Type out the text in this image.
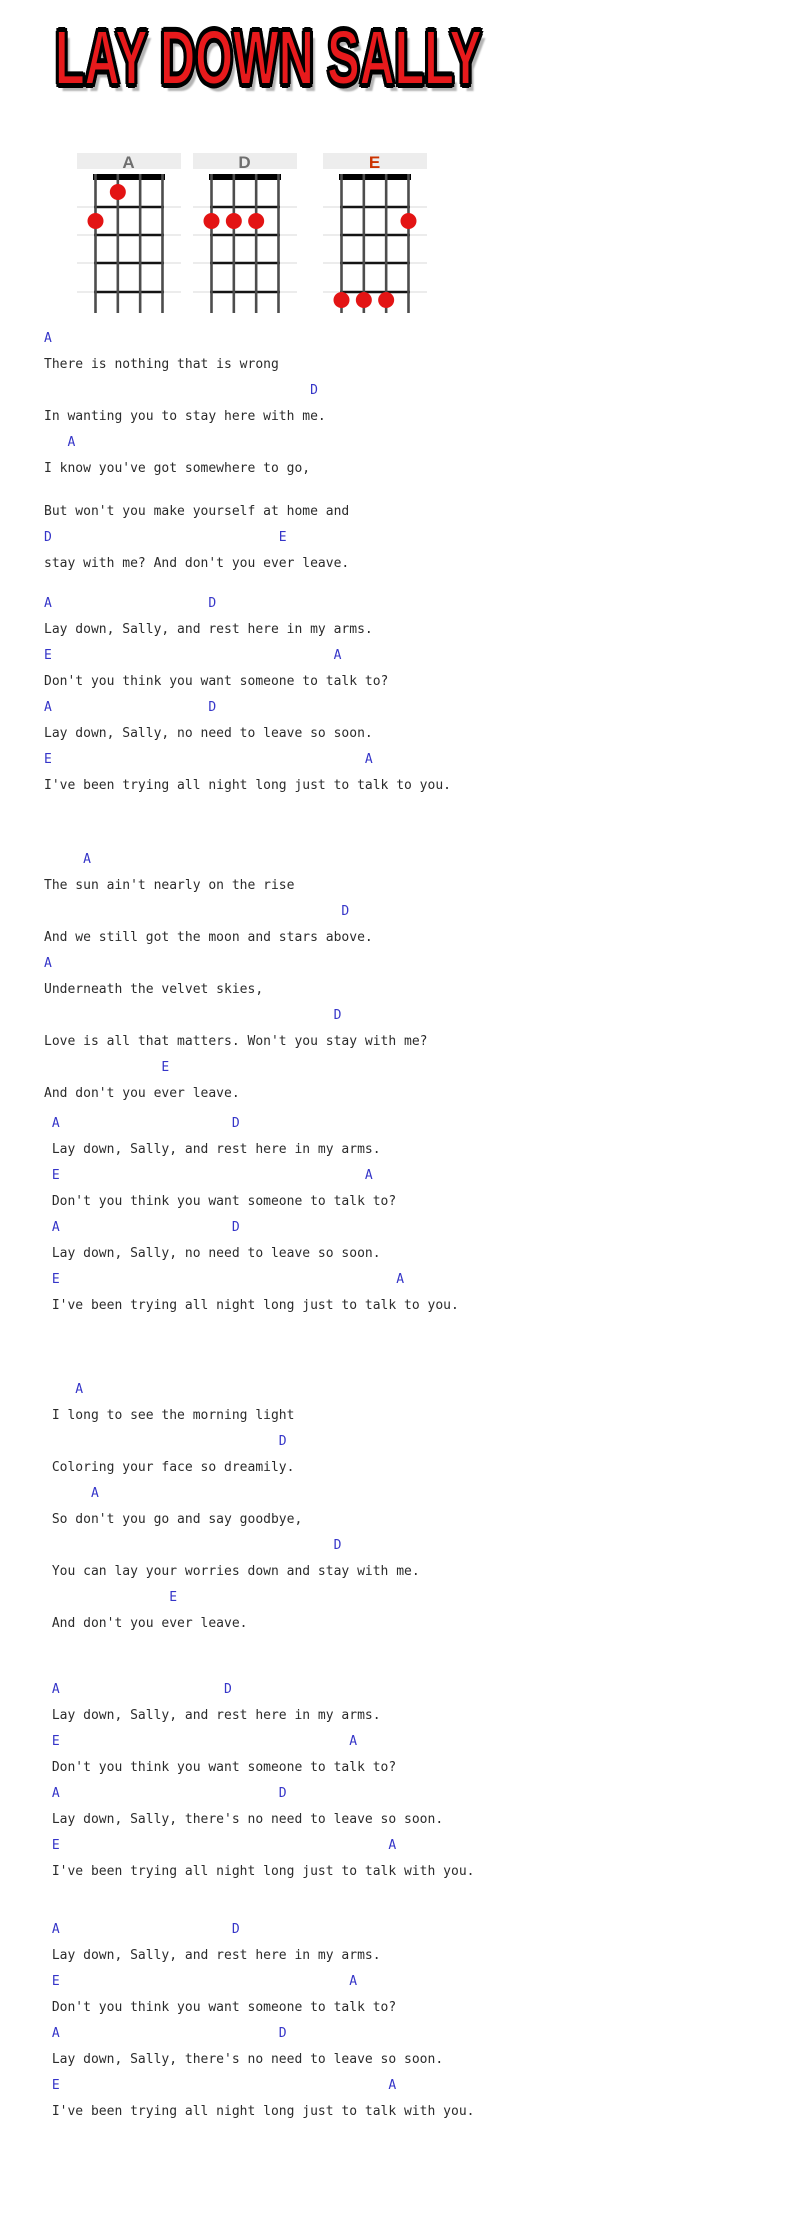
LAY DOWN SALLY
A	D	E
A
There is nothing that is wrong
D
In wanting you to stay here with me.
A
I know you've got somewhere to go,
But won't you make yourself at home and
D                             E
stay with me? And don't you ever leave.
A                    D
Lay down, Sally, and rest here in my arms.
E                                    A
Don't you think you want someone to talk to?
A                    D
Lay down, Sally, no need to leave so soon.
E                                        A
I've been trying all night long just to talk to you.
A
The sun ain't nearly on the rise
D
And we still got the moon and stars above.
A
Underneath the velvet skies,
D
Love is all that matters. Won't you stay with me?
E
And don't you ever leave.
A                      D
Lay down, Sally, and rest here in my arms.
E                                       A
Don't you think you want someone to talk to?
A                      D
Lay down, Sally, no need to leave so soon.
E                                           A
I've been trying all night long just to talk to you.
A
I long to see the morning light
D
Coloring your face so dreamily.
A
So don't you go and say goodbye,
D
You can lay your worries down and stay with me.
E
And don't you ever leave.
A                     D
Lay down, Sally, and rest here in my arms.
E                                     A
Don't you think you want someone to talk to?
A                            D
Lay down, Sally, there's no need to leave so soon.
E                                          A
I've been trying all night long just to talk with you.
A                      D
Lay down, Sally, and rest here in my arms.
E                                     A
Don't you think you want someone to talk to?
A                            D
Lay down, Sally, there's no need to leave so soon.
E                                          A
I've been trying all night long just to talk with you.
